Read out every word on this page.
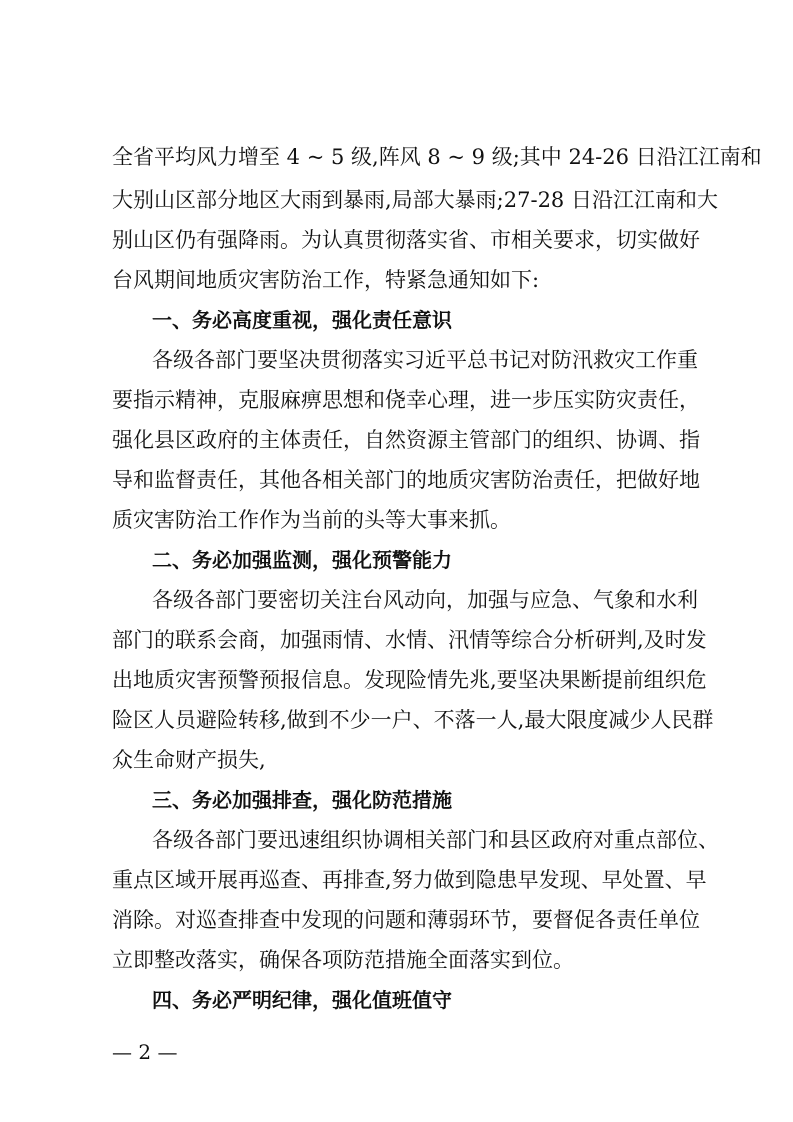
全省平均风力增至 4 ~ 5 级,阵风 8 ~ 9 级;其中 24-26 日沿江江南和
大别山区部分地区大雨到暴雨,局部大暴雨;27-28 日沿江江南和大
别山区仍有强降雨。为认真贯彻落实省、市相关要求，切实做好
台风期间地质灾害防治工作，特紧急通知如下:
一、务必高度重视，强化责任意识
各级各部门要坚决贯彻落实习近平总书记对防汛救灾工作重
要指示精神，克服麻痹思想和侥幸心理，进一步压实防灾责任，
强化县区政府的主体责任，自然资源主管部门的组织、协调、指
导和监督责任，其他各相关部门的地质灾害防治责任，把做好地
质灾害防治工作作为当前的头等大事来抓。
二、务必加强监测，强化预警能力
各级各部门要密切关注台风动向，加强与应急、气象和水利
部门的联系会商，加强雨情、水情、汛情等综合分析研判,及时发
出地质灾害预警预报信息。发现险情先兆,要坚决果断提前组织危
险区人员避险转移,做到不少一户、不落一人,最大限度减少人民群
众生命财产损失,
三、务必加强排查，强化防范措施
各级各部门要迅速组织协调相关部门和县区政府对重点部位、
重点区域开展再巡查、再排查,努力做到隐患早发现、早处置、早
消除。对巡查排查中发现的问题和薄弱环节，要督促各责任单位
立即整改落实，确保各项防范措施全面落实到位。
四、务必严明纪律，强化值班值守
— 2 —
